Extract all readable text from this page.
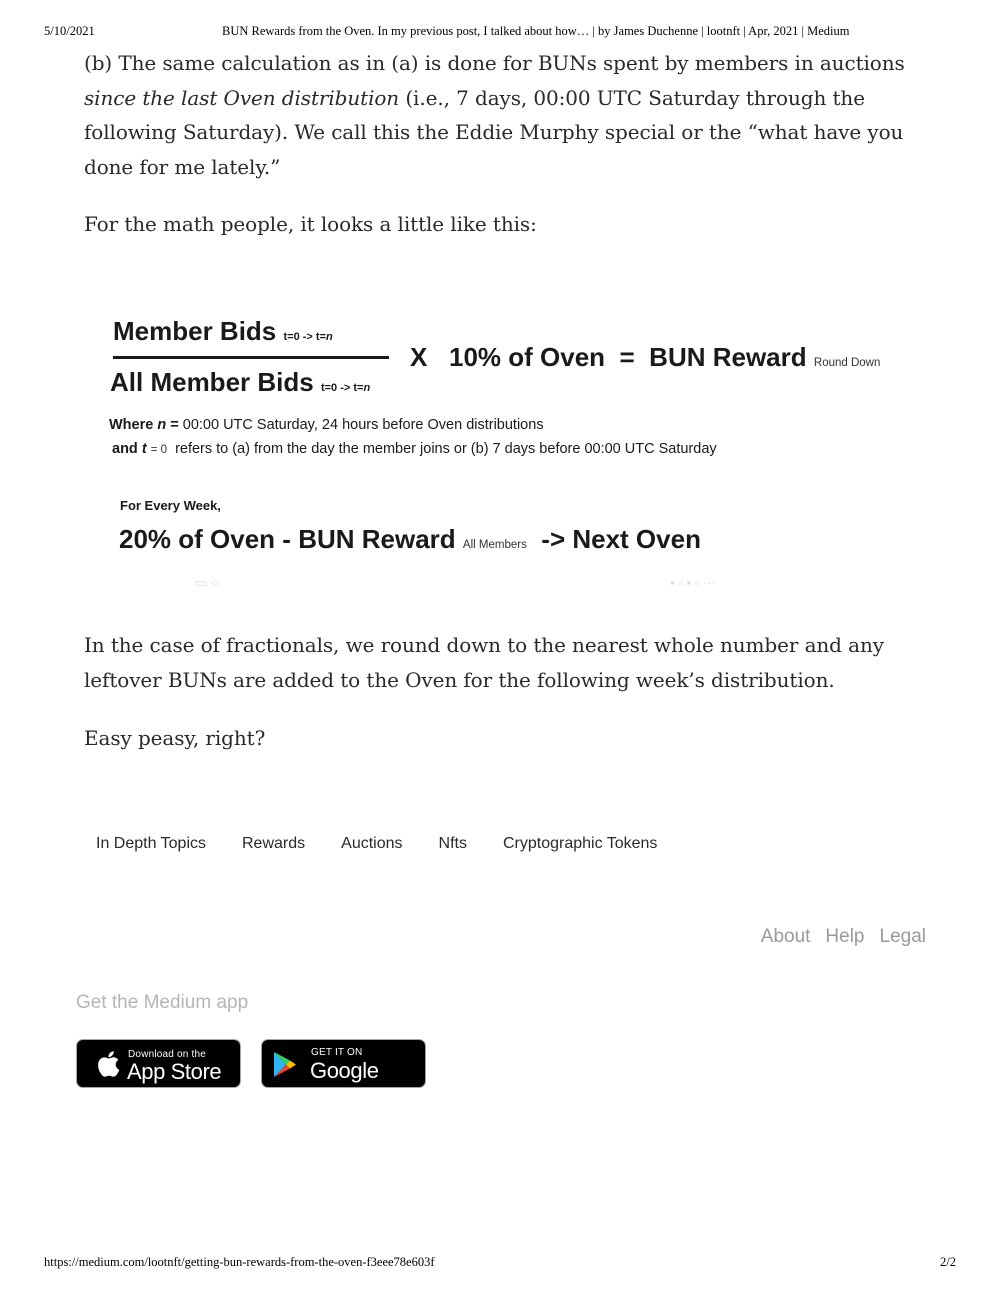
5/10/2021	BUN Rewards from the Oven. In my previous post, I talked about how… | by James Duchenne | lootnft | Apr, 2021 | Medium

(b) The same calculation as in (a) is done for BUNs spent by members in auctions since the last Oven distribution (i.e., 7 days, 00:00 UTC Saturday through the following Saturday). We call this the Eddie Murphy special or the “what have you done for me lately.”

For the math people, it looks a little like this:

Member Bids t=0 -> t=n
All Member Bids t=0 -> t=n
X 10% of Oven = BUN Reward Round Down
Where n = 00:00 UTC Saturday, 24 hours before Oven distributions
and t = 0 refers to (a) from the day the member joins or (b) 7 days before 00:00 UTC Saturday
For Every Week,
20% of Oven - BUN Reward All Members -> Next Oven
▭ ○	▪ ▫ ▪ ▫ ···

In the case of fractionals, we round down to the nearest whole number and any leftover BUNs are added to the Oven for the following week’s distribution.

Easy peasy, right?

In Depth Topics	Rewards	Auctions	Nfts	Cryptographic Tokens
About Help Legal
Get the Medium app
Download on the
App Store
GET IT ON
Google Play
https://medium.com/lootnft/getting-bun-rewards-from-the-oven-f3eee78e603f	2/2
